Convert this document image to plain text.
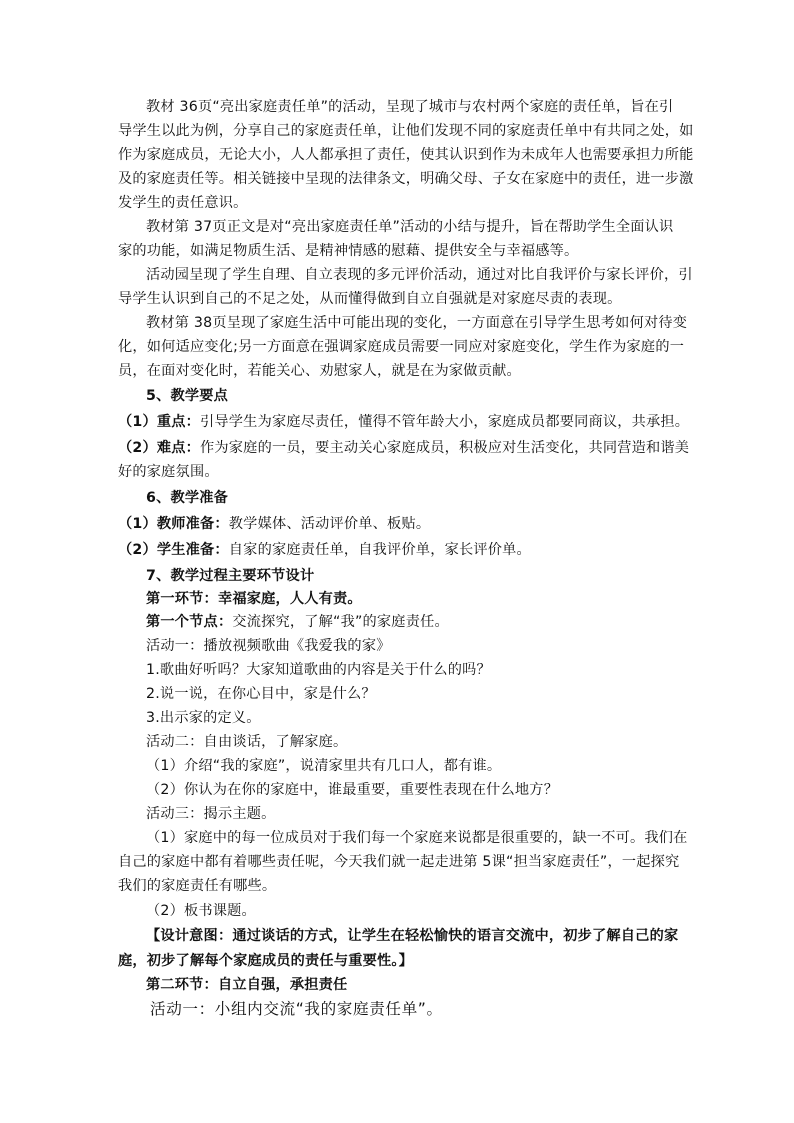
教材 36页“亮出家庭责任单”的活动，呈现了城市与农村两个家庭的责任单，旨在引
导学生以此为例，分享自己的家庭责任单，让他们发现不同的家庭责任单中有共同之处，如
作为家庭成员，无论大小，人人都承担了责任，使其认识到作为未成年人也需要承担力所能
及的家庭责任等。相关链接中呈现的法律条文，明确父母、子女在家庭中的责任，进一步激
发学生的责任意识。
教材第 37页正文是对“亮出家庭责任单”活动的小结与提升，旨在帮助学生全面认识
家的功能，如满足物质生活、是精神情感的慰藉、提供安全与幸福感等。
活动园呈现了学生自理、自立表现的多元评价活动，通过对比自我评价与家长评价，引
导学生认识到自己的不足之处，从而懂得做到自立自强就是对家庭尽责的表现。
教材第 38页呈现了家庭生活中可能出现的变化，一方面意在引导学生思考如何对待变
化，如何适应变化;另一方面意在强调家庭成员需要一同应对家庭变化，学生作为家庭的一
员，在面对变化时，若能关心、劝慰家人，就是在为家做贡献。
5、教学要点
（1）重点：引导学生为家庭尽责任，懂得不管年龄大小，家庭成员都要同商议，共承担。
（2）难点：作为家庭的一员，要主动关心家庭成员，积极应对生活变化，共同营造和谐美
好的家庭氛围。
6、教学准备
（1）教师准备：教学媒体、活动评价单、板贴。
（2）学生准备：自家的家庭责任单，自我评价单，家长评价单。
7、教学过程主要环节设计
第一环节：幸福家庭，人人有责。
第一个节点：交流探究，了解“我”的家庭责任。
活动一：播放视频歌曲《我爱我的家》
1.歌曲好听吗？大家知道歌曲的内容是关于什么的吗？
2.说一说，在你心目中，家是什么？
3.出示家的定义。
活动二：自由谈话，了解家庭。
（1）介绍“我的家庭”，说清家里共有几口人，都有谁。
（2）你认为在你的家庭中，谁最重要，重要性表现在什么地方？
活动三：揭示主题。
（1）家庭中的每一位成员对于我们每一个家庭来说都是很重要的，缺一不可。我们在
自己的家庭中都有着哪些责任呢，今天我们就一起走进第 5课“担当家庭责任”，一起探究
我们的家庭责任有哪些。
（2）板书课题。
【设计意图：通过谈话的方式，让学生在轻松愉快的语言交流中，初步了解自己的家
庭，初步了解每个家庭成员的责任与重要性。】
第二环节：自立自强，承担责任
活动一：小组内交流“我的家庭责任单”。
